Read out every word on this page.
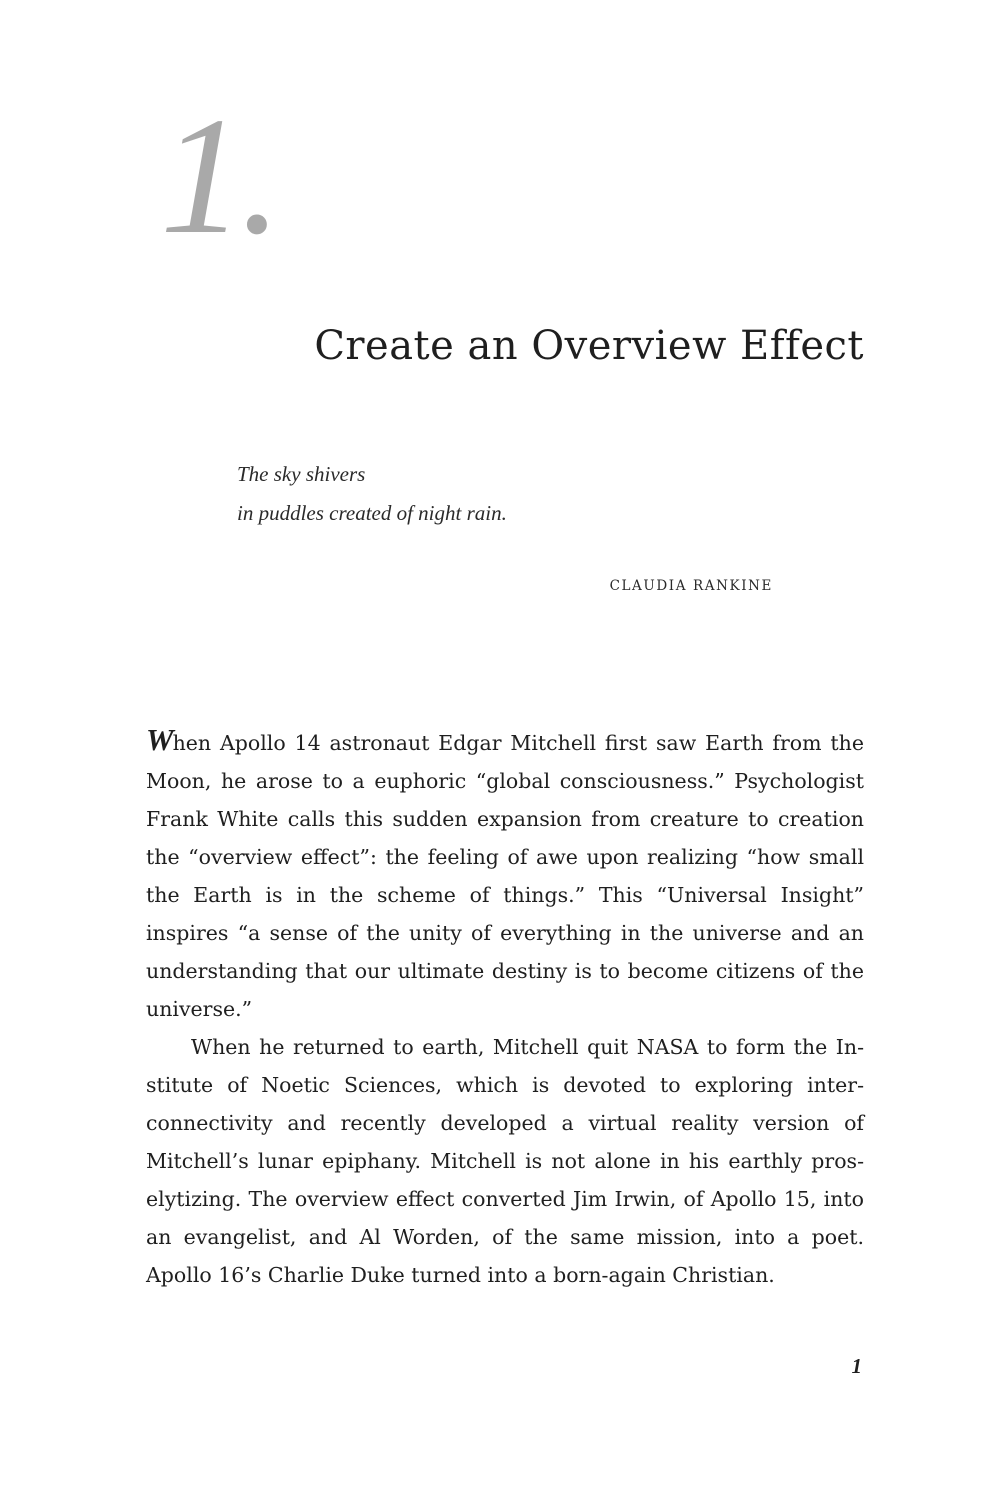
1.
Create an Overview Effect
The sky shivers
in puddles created of night rain.
CLAUDIA RANKINE

When Apollo 14 astronaut Edgar Mitchell first saw Earth from the Moon, he arose to a euphoric “global consciousness.” Psychologist Frank White calls this sudden expansion from creature to creation the “overview effect”: the feeling of awe upon realizing “how small the Earth is in the scheme of things.” This “Universal Insight” inspires “a sense of the unity of everything in the universe and an understanding that our ultimate destiny is to become citizens of the universe.”

When he returned to earth, Mitchell quit NASA to form the Institute of Noetic Sciences, which is devoted to exploring interconnectivity and recently developed a virtual reality version of Mitchell’s lunar epiphany. Mitchell is not alone in his earthly proselytizing. The overview effect converted Jim Irwin, of Apollo 15, into an evangelist, and Al Worden, of the same mission, into a poet. Apollo 16’s Charlie Duke turned into a born-again Christian.

1
